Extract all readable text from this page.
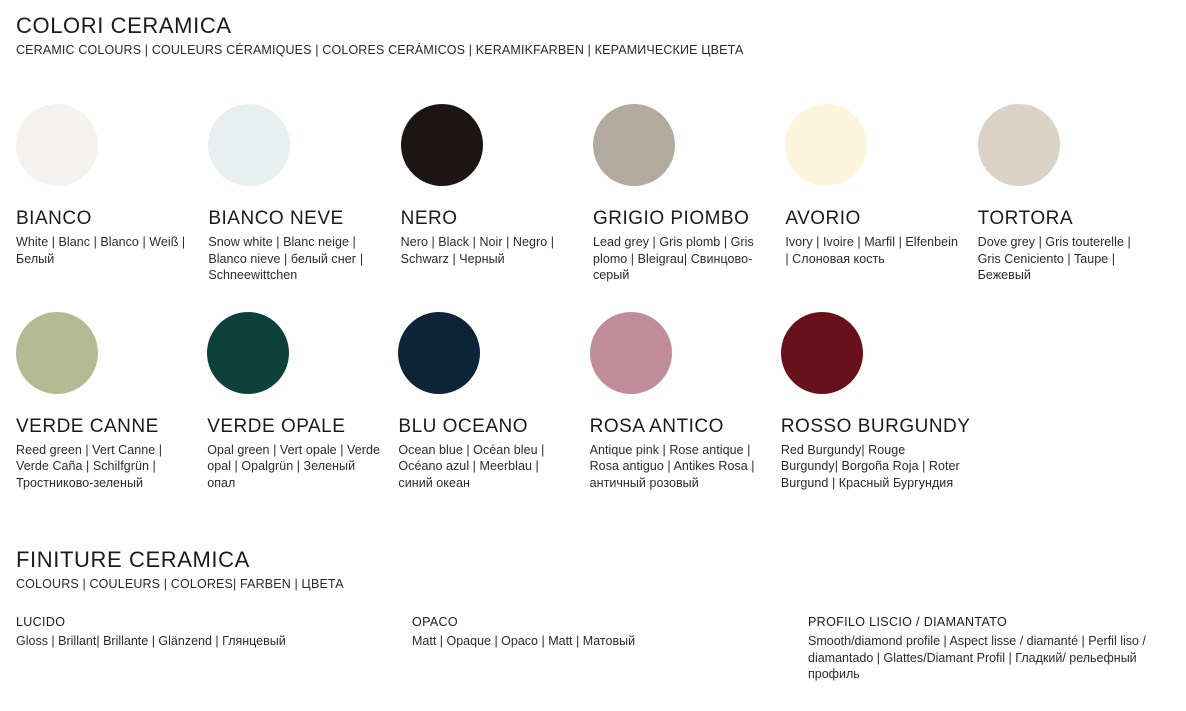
COLORI CERAMICA

CERAMIC COLOURS | COULEURS CÉRAMIQUES | COLORES CERÁMICOS | KERAMIKFARBEN | КЕРАМИЧЕСКИЕ ЦВЕТА

BIANCO
White | Blanc | Blanco | Weiß | Белый
BIANCO NEVE
Snow white | Blanc neige | Blanco nieve | белый снег | Schneewittchen
NERO
Nero | Black | Noir | Negro | Schwarz | Черный
GRIGIO PIOMBO
Lead grey | Gris plomb | Gris plomo | Bleigrau| Свинцово-серый
AVORIO
Ivory | Ivoire | Marfil | Elfenbein | Слоновая кость
TORTORA
Dove grey | Gris touterelle | Gris Ceniciento | Taupe | Бежевый
VERDE CANNE
Reed green | Vert Canne | Verde Caña | Schilfgrün | Тростниково-зеленый
VERDE OPALE
Opal green | Vert opale | Verde opal | Opalgrün | Зеленый опал
BLU OCEANO
Ocean blue | Océan bleu | Océano azul | Meerblau | синий океан
ROSA ANTICO
Antique pink | Rose antique | Rosa antiguo | Antikes Rosa | античный розовый
ROSSO BURGUNDY
Red Burgundy| Rouge Burgundy| Borgoña Roja | Roter Burgund | Красный Бургундия
FINITURE CERAMICA

COLOURS | COULEURS | COLORES| FARBEN | ЦВЕТА

LUCIDO
Gloss | Brillant| Brillante | Glänzend | Глянцевый
OPACO
Matt | Opaque | Opaco | Matt | Матовый
PROFILO LISCIO / DIAMANTATO
Smooth/diamond profile | Aspect lisse / diamanté | Perfil liso / diamantado | Glattes/Diamant Profil | Гладкий/ рельефный профиль
